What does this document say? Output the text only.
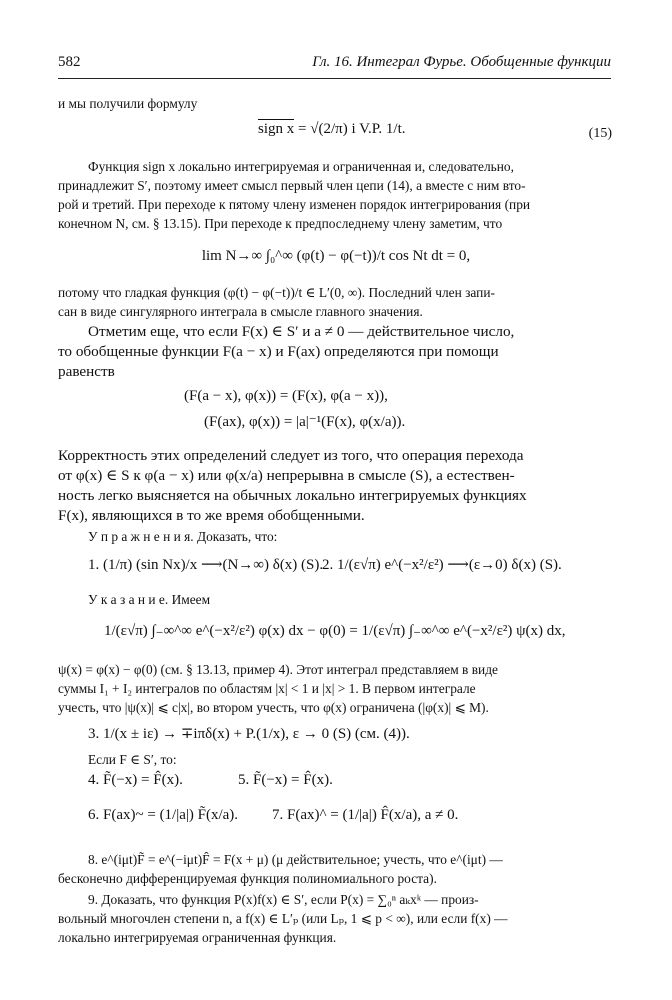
582	Гл. 16. Интеграл Фурье. Обобщенные функции
и мы получили формулу
sign x = √(2/π) i V.P. 1/t.	(15)
Функция sign x локально интегрируемая и ограниченная и, следовательно,
принадлежит S′, поэтому имеет смысл первый член цепи (14), а вместе с ним вто-
рой и третий. При переходе к пятому члену изменен порядок интегрирования (при
конечном N, см. § 13.15). При переходе к предпоследнему члену заметим, что
lim N→∞ ∫₀^∞ (φ(t) − φ(−t))/t cos Nt dt = 0,
потому что гладкая функция (φ(t) − φ(−t))/t ∈ L′(0, ∞). Последний член запи-
сан в виде сингулярного интеграла в смысле главного значения.
Отметим еще, что если F(x) ∈ S′ и a ≠ 0 — действительное число,
то обобщенные функции F(a − x) и F(ax) определяются при помощи
равенств
(F(a − x), φ(x)) = (F(x), φ(a − x)),
(F(ax), φ(x)) = |a|⁻¹(F(x), φ(x/a)).
Корректность этих определений следует из того, что операция перехода
от φ(x) ∈ S к φ(a − x) или φ(x/a) непрерывна в смысле (S), а естествен-
ность легко выясняется на обычных локально интегрируемых функциях
F(x), являющихся в то же время обобщенными.
У п р а ж н е н и я. Доказать, что:
1. (1/π) (sin Nx)/x ⟶(N→∞) δ(x) (S).
2. 1/(ε√π) e^(−x²/ε²) ⟶(ε→0) δ(x) (S).
У к а з а н и е. Имеем
1/(ε√π) ∫₋∞^∞ e^(−x²/ε²) φ(x) dx − φ(0) = 1/(ε√π) ∫₋∞^∞ e^(−x²/ε²) ψ(x) dx,
ψ(x) = φ(x) − φ(0) (см. § 13.13, пример 4). Этот интеграл представляем в виде
суммы I₁ + I₂ интегралов по областям |x| < 1 и |x| > 1. В первом интеграле
учесть, что |ψ(x)| ⩽ c|x|, во втором учесть, что φ(x) ограничена (|φ(x)| ⩽ M).
3. 1/(x ± iε) → ∓iπδ(x) + P.(1/x), ε → 0 (S) (см. (4)).
Если F ∈ S′, то:
4. F̃(−x) = F̂(x).	5. F̃(−x) = F̂(x).
6. F(ax)~ = (1/|a|) F̃(x/a). 7. F(ax)^ = (1/|a|) F̂(x/a), a ≠ 0.
8. e^(iμt)F̃ = e^(−iμt)F̂ = F(x + μ) (μ действительное; учесть, что e^(iμt) —
бесконечно дифференцируемая функция полиномиального роста).
9. Доказать, что функция P(x)f(x) ∈ S′, если P(x) = ∑₀ⁿ aₖxᵏ — произ-
вольный многочлен степени n, а f(x) ∈ L′ₚ (или Lₚ, 1 ⩽ p < ∞), или если f(x) —
локально интегрируемая ограниченная функция.
